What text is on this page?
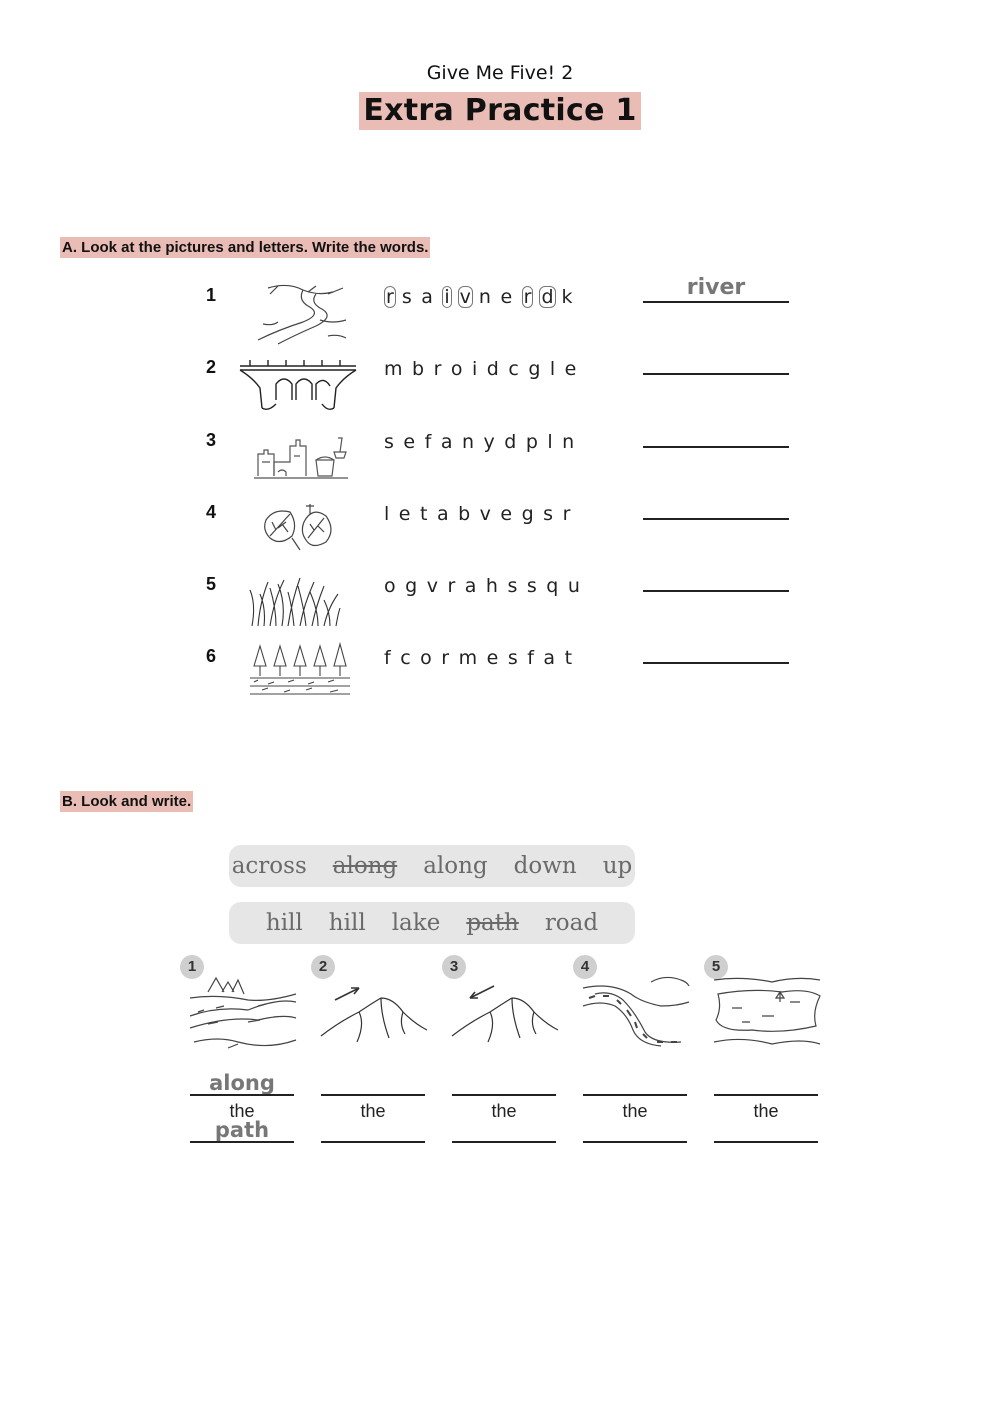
Give Me Five! 2
Extra Practice 1
A. Look at the pictures and letters. Write the words.
1	r sa i v ne r d k	river
2	mbroidcgle
3	sefanydpln
4	letabvegsr
5	ogvrahssqu
6	fcormesfat
B. Look and write.
across along along down up
hill hill lake path road
1
along
the
path
2
the
3
the
4
the
5
the
